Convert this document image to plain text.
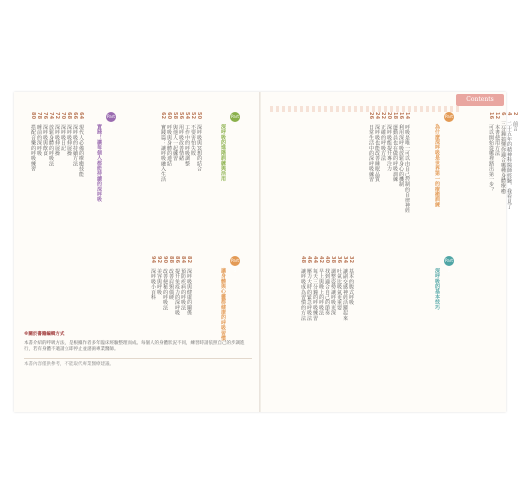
Contents
2　前言
4　二十五年的精神科醫師經驗，我看見了
6　三分鐘搞懂你適合哪種身體療癒
12　本書使用方法
16　可以開始從哪裡踏出第一步？
Part 1
為什麼深呼吸是世界第一的療癒訓練
14　呼吸是唯一可以由自己控制的自律神經
16　利用深呼吸放鬆身心的機制
18　運動員也在做的呼吸訓練
20　深呼吸能提升專注力
22　正確的呼吸方法
24　深呼吸也能改善睡眠品質
26　日常生活中的深呼吸練習
Part 2
深呼吸的基本技巧
32　基本的腹式呼吸
34　讓副交感神經活躍起來
36　吐氣比吸氣更重要
38　調整姿勢讓呼吸更深
40　找到適合自己的節奏
42　早上與晚上的呼吸法
44　每天三分鐘的呼吸練習
46　壓力大時的緊急呼吸法
48　讓呼吸成為習慣的方法
Part 3
深呼吸的進階訓練與活用
50　深呼吸與冥想的結合
52　不要害怕失敗
54　工作中的呼吸調整
56　用呼吸改善情緒
58　與他人一起練習
60　呼吸與身體的連結
62　實踐篇：讓呼吸融入生活
Part 4
實踐！讓每個人都能持續的深呼吸
64　現代人必備的療癒技能
66　深呼吸的持續方法
68　深呼吸伸展操
70　深呼吸日記
72　深呼吸伸展操
74　放鬆身體的呼吸法
76　深呼吸與飲食
78　睡前的深呼吸
80　搭配音樂的呼吸練習
Part 5
讓身體與心靈都健康的呼吸習慣
82　深呼吸與健康的關係
84　預防疾病的呼吸法
86　提升免疫力的深呼吸
88　改善肩頸僵硬
90　改善便秘的呼吸法
92　美容與呼吸
94　深呼吸小百科
※關於書籍編輯方式
本書介紹的呼吸方法，是根據作者多年臨床經驗整理而成。每個人的身體狀況不同，練習時請依照自己的步調進行，若有身體不適請立即停止並諮詢專業醫師。
本書內容僅供參考，不能取代專業醫療建議。
